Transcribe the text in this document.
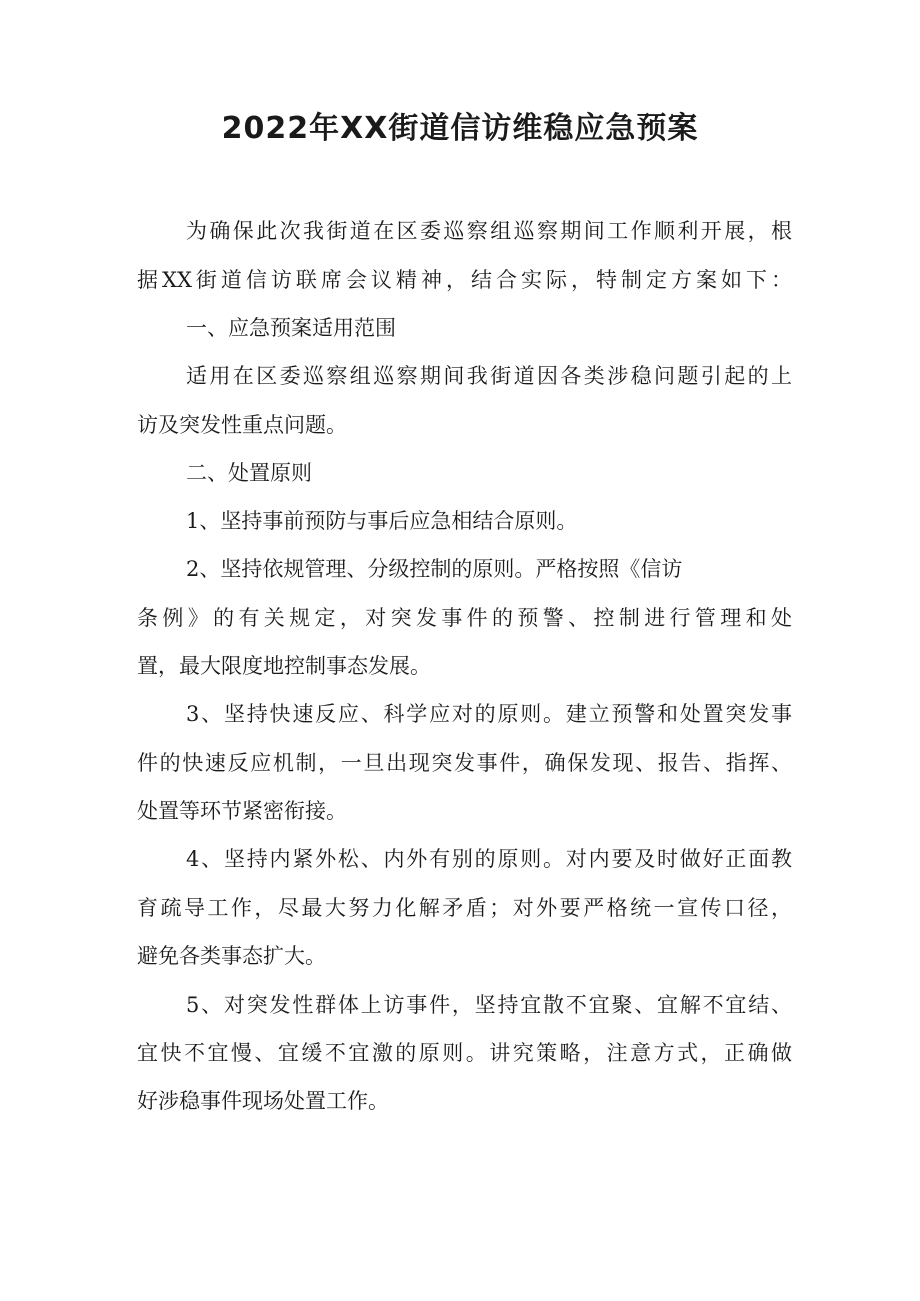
2022年XX街道信访维稳应急预案

为确保此次我街道在区委巡察组巡察期间工作顺利开展，根

据XX街道信访联席会议精神，结合实际，特制定方案如下：

一、应急预案适用范围

适用在区委巡察组巡察期间我街道因各类涉稳问题引起的上

访及突发性重点问题。

二、处置原则

1、坚持事前预防与事后应急相结合原则。

2、坚持依规管理、分级控制的原则。严格按照《信访

条例》的有关规定，对突发事件的预警、控制进行管理和处

置，最大限度地控制事态发展。

3、坚持快速反应、科学应对的原则。建立预警和处置突发事

件的快速反应机制，一旦出现突发事件，确保发现、报告、指挥、

处置等环节紧密衔接。

4、坚持内紧外松、内外有别的原则。对内要及时做好正面教

育疏导工作，尽最大努力化解矛盾；对外要严格统一宣传口径，

避免各类事态扩大。

5、对突发性群体上访事件，坚持宜散不宜聚、宜解不宜结、

宜快不宜慢、宜缓不宜激的原则。讲究策略，注意方式，正确做

好涉稳事件现场处置工作。
